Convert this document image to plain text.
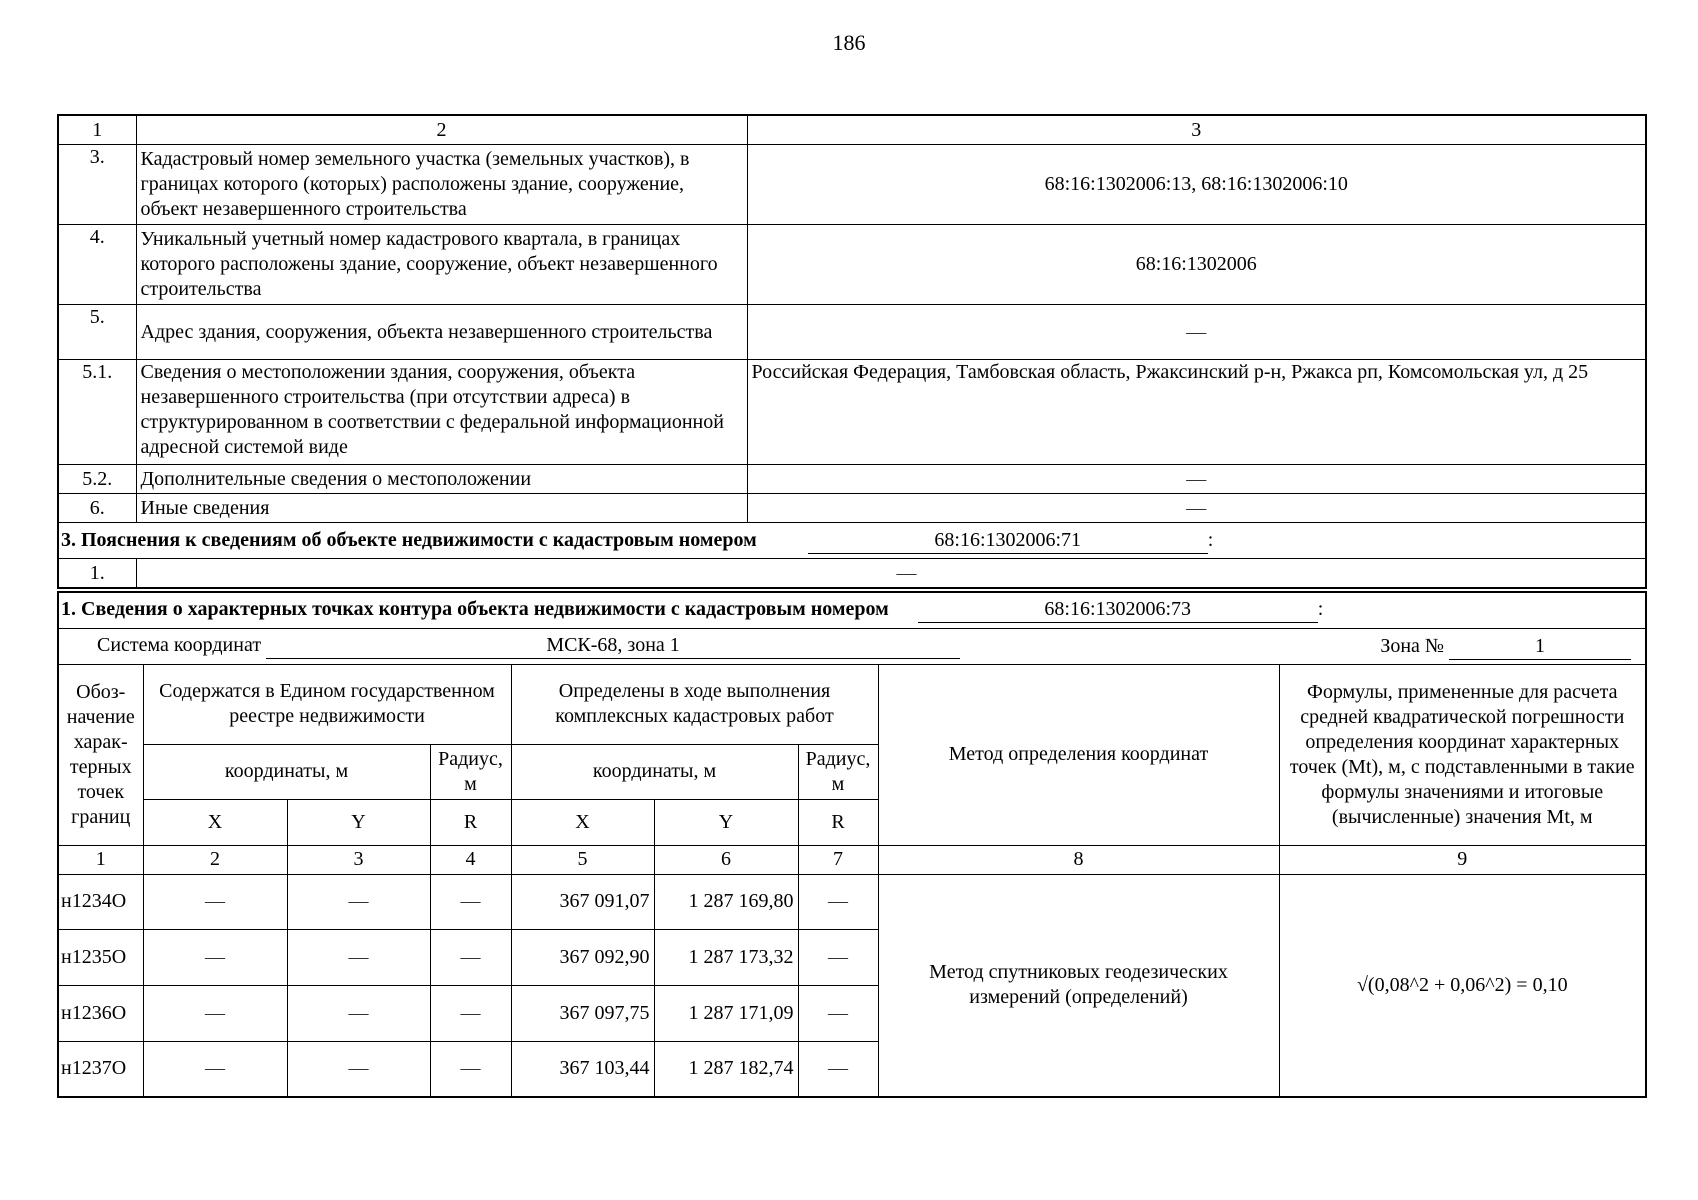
186
1	2	3
3.	Кадастровый номер земельного участка (земельных участков), в границах которого (которых) расположены здание, сооружение, объект незавершенного строительства	68:16:1302006:13, 68:16:1302006:10
4.	Уникальный учетный номер кадастрового квартала, в границах которого расположены здание, сооружение, объект незавершенного строительства	68:16:1302006
5.	Адрес здания, сооружения, объекта незавершенного строительства	—
5.1.	Сведения о местоположении здания, сооружения, объекта незавершенного строительства (при отсутствии адреса) в структурированном в соответствии с федеральной информационной адресной системой виде	Российская Федерация, Тамбовская область, Ржаксинский р-н, Ржакса рп, Комсомольская ул, д 25
5.2.	Дополнительные сведения о местоположении	—
6.	Иные сведения	—
3. Пояснения к сведениям об объекте недвижимости с кадастровым номером 68:16:1302006:71 :		
1.	—	
1. Сведения о характерных точках контура объекта недвижимости с кадастровым номером 68:16:1302006:73 :								
Система координат МСК-68, зона 1 Зона № 1								

Обоз-начение харак-терных точек границ	Содержатся в Едином государственном реестре недвижимости			Определены в ходе выполнения комплексных кадастровых работ			Метод определения координат	Формулы, примененные для расчета средней квадратической погрешности определения координат характерных точек (Mt), м, с подставленными в такие формулы значениями и итоговые (вычисленные) значения Mt, м
	координаты, м		Радиус, м	координаты, м		Радиус, м		
	X	Y	R	X	Y	R		
1	2	3	4	5	6	7	8	9
н1234О	—	—	—	367 091,07	1 287 169,80	—	Метод спутниковых геодезических измерений (определений)	√(0,08^2 + 0,06^2) = 0,10
н1235О	—	—	—	367 092,90	1 287 173,32	—		
н1236О	—	—	—	367 097,75	1 287 171,09	—		
н1237О	—	—	—	367 103,44	1 287 182,74	—		
